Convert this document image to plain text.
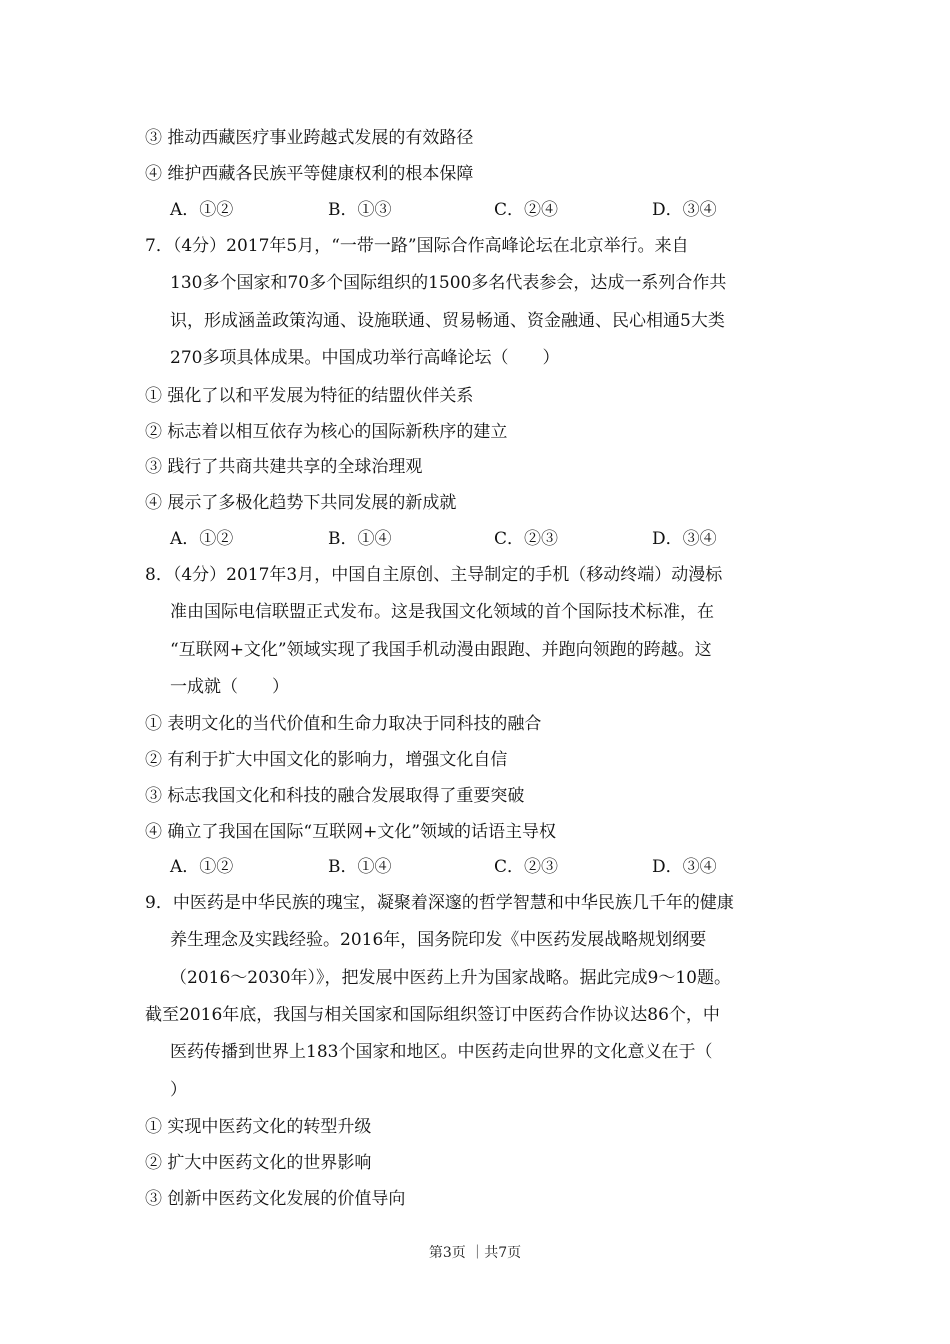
③ 推动西藏医疗事业跨越式发展的有效路径
④ 维护西藏各民族平等健康权利的根本保障
A．①②	B．①③	C．②④	D．③④
7．（4分）2017年5月，“一带一路”国际合作高峰论坛在北京举行。来自
130多个国家和70多个国际组织的1500多名代表参会，达成一系列合作共
识，形成涵盖政策沟通、设施联通、贸易畅通、资金融通、民心相通5大类
270多项具体成果。中国成功举行高峰论坛（　　）
① 强化了以和平发展为特征的结盟伙伴关系
② 标志着以相互依存为核心的国际新秩序的建立
③ 践行了共商共建共享的全球治理观
④ 展示了多极化趋势下共同发展的新成就
A．①②	B．①④	C．②③	D．③④
8．（4分）2017年3月，中国自主原创、主导制定的手机（移动终端）动漫标
准由国际电信联盟正式发布。这是我国文化领域的首个国际技术标准，在
“互联网+文化”领域实现了我国手机动漫由跟跑、并跑向领跑的跨越。这
一成就（　　）
① 表明文化的当代价值和生命力取决于同科技的融合
② 有利于扩大中国文化的影响力，增强文化自信
③ 标志我国文化和科技的融合发展取得了重要突破
④ 确立了我国在国际“互联网+文化”领域的话语主导权
A．①②	B．①④	C．②③	D．③④
9．中医药是中华民族的瑰宝，凝聚着深邃的哲学智慧和中华民族几千年的健康
养生理念及实践经验。2016年，国务院印发《中医药发展战略规划纲要
（2016～2030年）》，把发展中医药上升为国家战略。据此完成9～10题。
截至2016年底，我国与相关国家和国际组织签订中医药合作协议达86个，中
医药传播到世界上183个国家和地区。中医药走向世界的文化意义在于（
）
① 实现中医药文化的转型升级
② 扩大中医药文化的世界影响
③ 创新中医药文化发展的价值导向
第3页 ｜共7页
